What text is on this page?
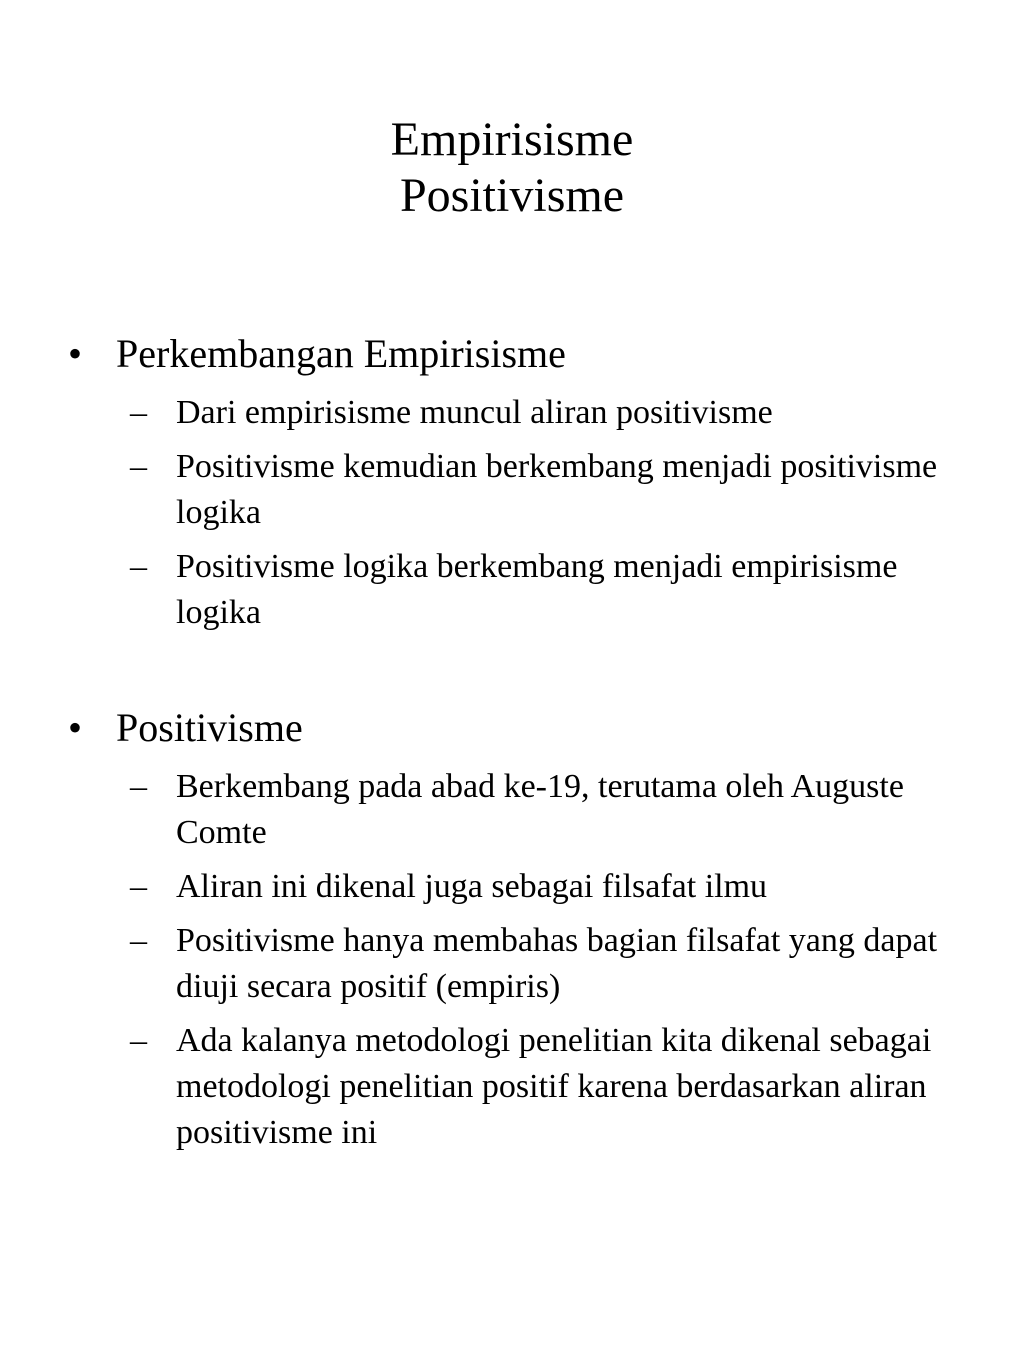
Empirisisme
Positivisme
• Perkembangan Empirisisme
– Dari empirisisme muncul aliran positivisme
– Positivisme kemudian berkembang menjadi positivisme logika
– Positivisme logika berkembang menjadi empirisisme logika
• Positivisme
– Berkembang pada abad ke-19, terutama oleh Auguste Comte
– Aliran ini dikenal juga sebagai filsafat ilmu
– Positivisme hanya membahas bagian filsafat yang dapat diuji secara positif (empiris)
– Ada kalanya metodologi penelitian kita dikenal sebagai metodologi penelitian positif karena berdasarkan aliran positivisme ini
